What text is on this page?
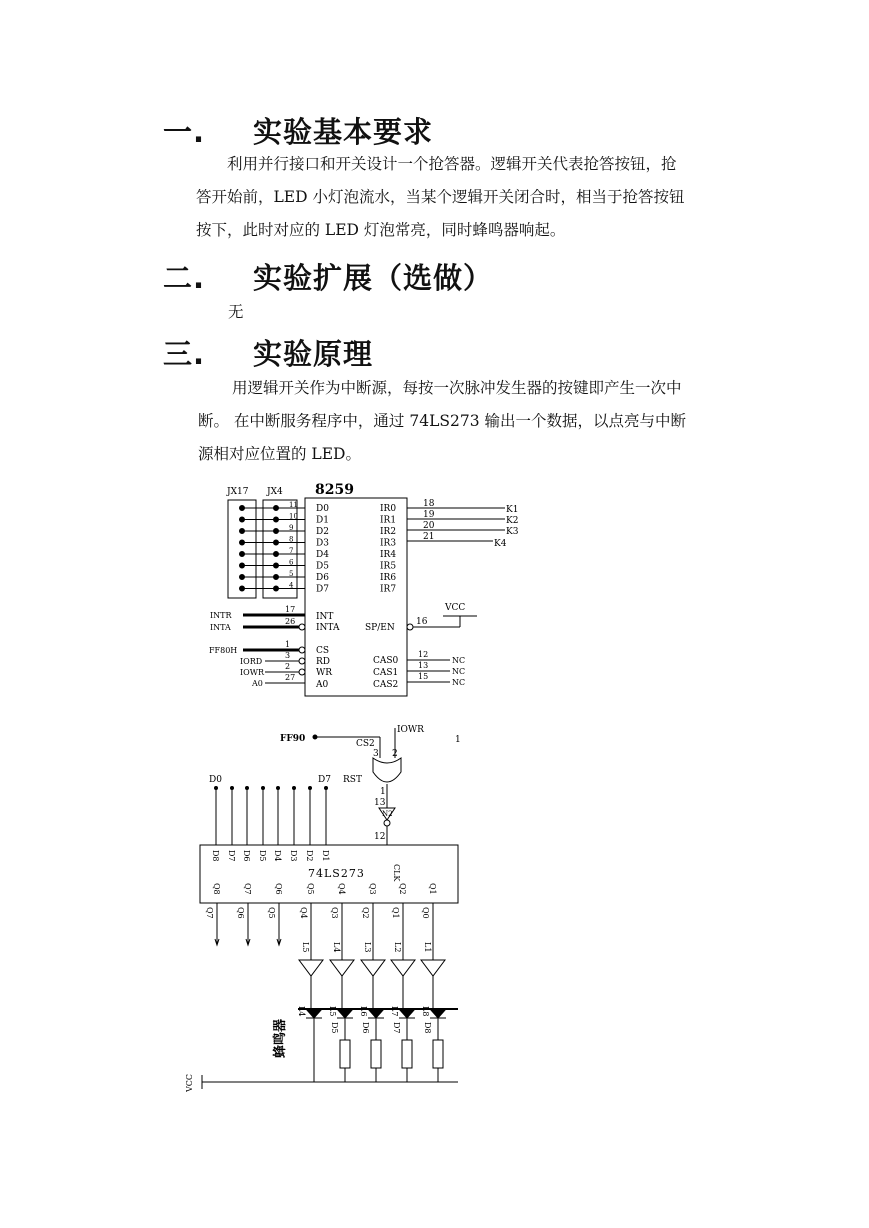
一. 实验基本要求
利用并行接口和开关设计一个抢答器。逻辑开关代表抢答按钮，抢
答开始前，LED 小灯泡流水，当某个逻辑开关闭合时，相当于抢答按钮
按下，此时对应的 LED 灯泡常亮，同时蜂鸣器响起。
二. 实验扩展（选做）
无
三. 实验原理
用逻辑开关作为中断源，每按一次脉冲发生器的按键即产生一次中
断。 在中断服务程序中，通过 74LS273 输出一个数据，以点亮与中断
源相对应位置的 LED。
JX17 JX4 8259
D0
11
D1
10
D2
9
D3
8
D4
7
D5
6
D6
5
D7
4
IR0
IR1
IR2
IR3
IR4
IR5
IR6
IR7
18
19
20
21
K1
K2
K3
K4
INTR
INTA
17
26 INT
INTA	SP/EN
16
VCC
FF80H
IORD
IOWR
A0
1
3
2
27
CS
RD
WR
A0
CAS0
CAS1
CAS2
12
13
15
NC
NC
NC
FF90	CS2
IOWR
1
3 2
1
13
N2
12
D0	D7 RST
74LS273
D8 D7 D6 D5 D4 D3 D2 D1
CLK
Q8	Q7	Q6	Q5	Q4	Q3	Q2	Q1
Q7	Q6	Q5	Q4	Q3	Q2	Q1	Q0
L5	L4	L3	L2	L1
L4	L5	L6	L7	L8
D5	D6	D7	D8
蜂鸣器
VCC
